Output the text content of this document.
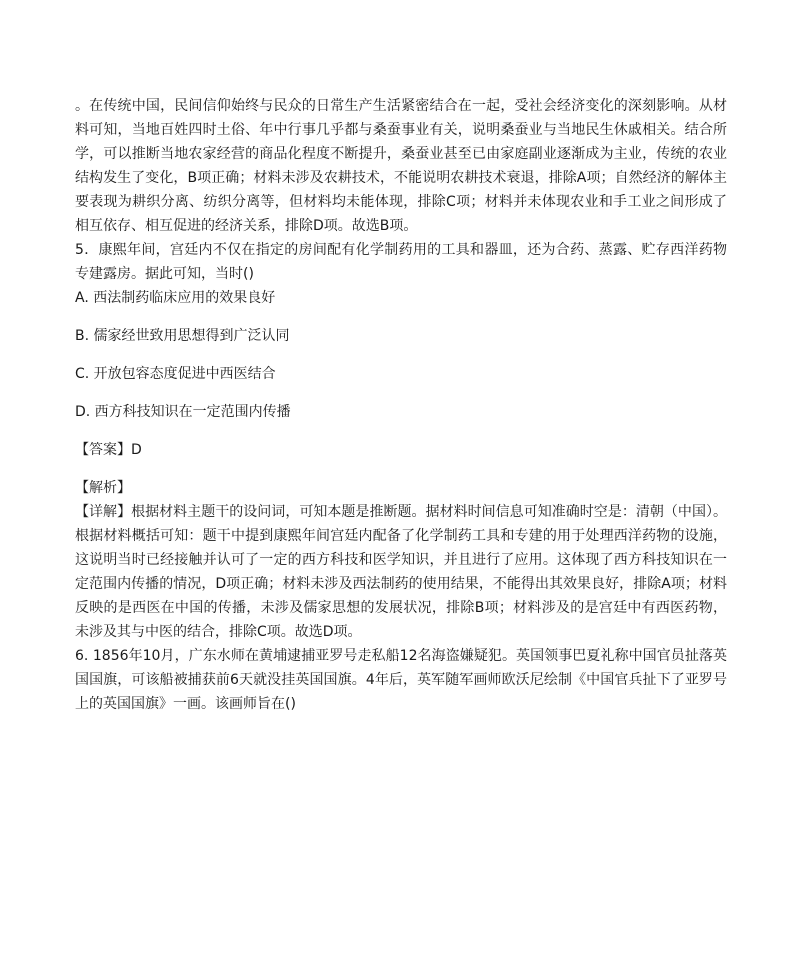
。在传统中国，民间信仰始终与民众的日常生产生活紧密结合在一起，受社会经济变化的深刻影响。从材料可知，当地百姓四时土俗、年中行事几乎都与桑蚕事业有关，说明桑蚕业与当地民生休戚相关。结合所学，可以推断当地农家经营的商品化程度不断提升，桑蚕业甚至已由家庭副业逐渐成为主业，传统的农业结构发生了变化，B项正确；材料未涉及农耕技术，不能说明农耕技术衰退，排除A项；自然经济的解体主要表现为耕织分离、纺织分离等，但材料均未能体现，排除C项；材料并未体现农业和手工业之间形成了相互依存、相互促进的经济关系，排除D项。故选B项。

5．康熙年间，宫廷内不仅在指定的房间配有化学制药用的工具和器皿，还为合药、蒸露、贮存西洋药物专建露房。据此可知，当时()

A. 西法制药临床应用的效果良好

B. 儒家经世致用思想得到广泛认同

C. 开放包容态度促进中西医结合

D. 西方科技知识在一定范围内传播

【答案】D

【解析】

【详解】根据材料主题干的设问词，可知本题是推断题。据材料时间信息可知准确时空是：清朝（中国）。根据材料概括可知：题干中提到康熙年间宫廷内配备了化学制药工具和专建的用于处理西洋药物的设施，这说明当时已经接触并认可了一定的西方科技和医学知识，并且进行了应用。这体现了西方科技知识在一定范围内传播的情况，D项正确；材料未涉及西法制药的使用结果，不能得出其效果良好，排除A项；材料反映的是西医在中国的传播，未涉及儒家思想的发展状况，排除B项；材料涉及的是宫廷中有西医药物，未涉及其与中医的结合，排除C项。故选D项。

6. 1856年10月，广东水师在黄埔逮捕亚罗号走私船12名海盗嫌疑犯。英国领事巴夏礼称中国官员扯落英国国旗，可该船被捕获前6天就没挂英国国旗。4年后，英军随军画师欧沃尼绘制《中国官兵扯下了亚罗号上的英国国旗》一画。该画师旨在()
